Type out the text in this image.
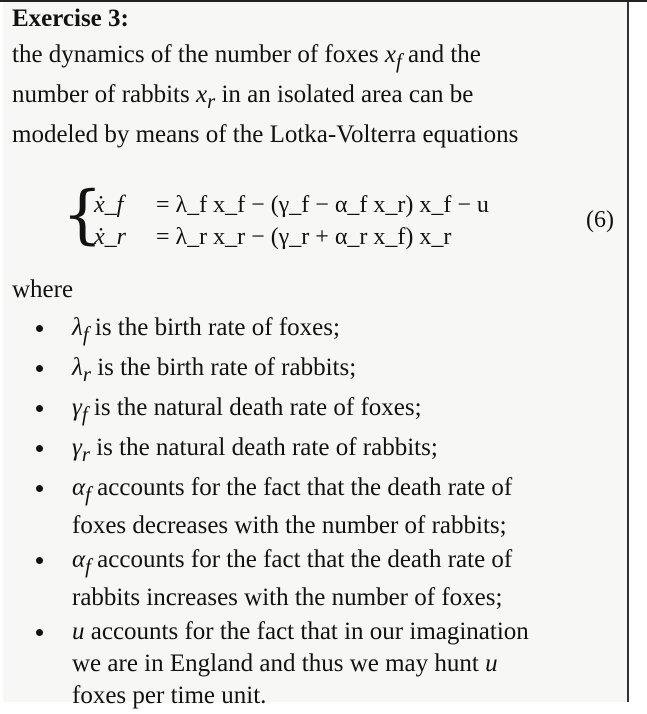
Exercise 3:
the dynamics of the number of foxes $x_f$ and the
number of rabbits $x_r$ in an isolated area can be
modeled by means of the Lotka-Volterra equations
{
ẋ_f = λ_f x_f − (γ_f − α_f x_r) x_f − u
ẋ_r = λ_r x_r − (γ_r + α_r x_f) x_r
(6)
where
$\lambda_f$ is the birth rate of foxes;
$\lambda_r$ is the birth rate of rabbits;
$\gamma_f$ is the natural death rate of foxes;
$\gamma_r$ is the natural death rate of rabbits;
$\alpha_f$ accounts for the fact that the death rate of
foxes decreases with the number of rabbits;
$\alpha_f$ accounts for the fact that the death rate of
rabbits increases with the number of foxes;
u accounts for the fact that in our imagination
we are in England and thus we may hunt u
foxes per time unit.
